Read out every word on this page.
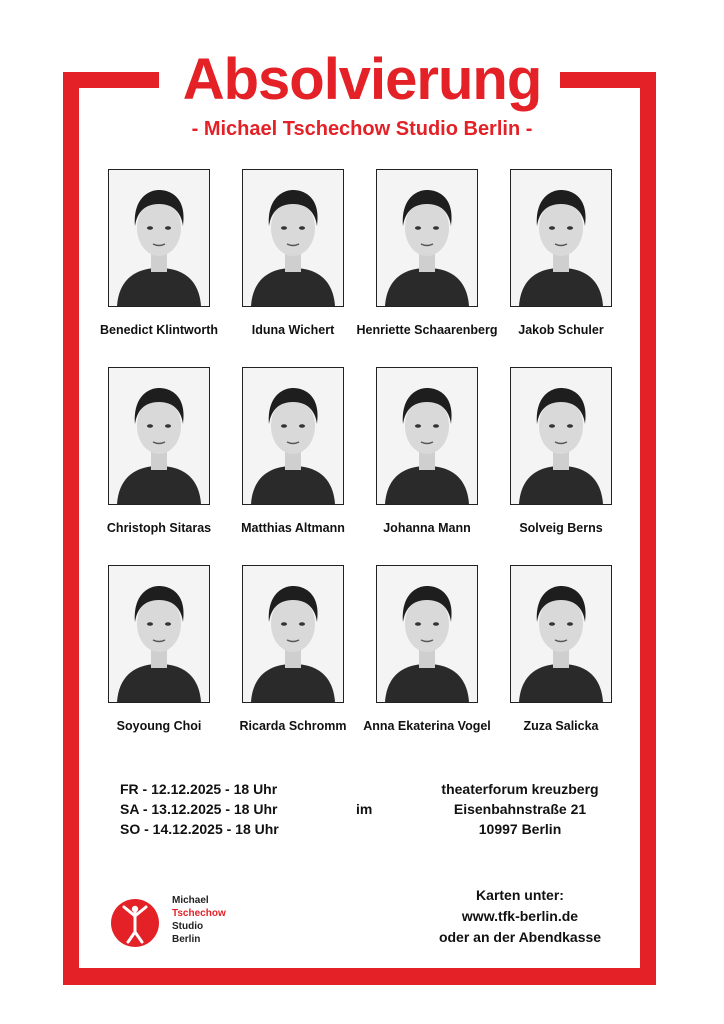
Absolvierung
- Michael Tschechow Studio Berlin -
Benedict Klintworth	Iduna Wichert	Henriette Schaarenberg	Jakob Schuler
Christoph Sitaras	Matthias Altmann	Johanna Mann	Solveig Berns
Soyoung Choi	Ricarda Schromm	Anna Ekaterina Vogel	Zuza Salicka
FR - 12.12.2025 - 18 Uhr
SA - 13.12.2025 - 18 Uhr
SO - 14.12.2025 - 18 Uhr
im
theaterforum kreuzberg
Eisenbahnstraße 21
10997 Berlin
Michael
Tschechow
Studio
Berlin
Karten unter:
www.tfk-berlin.de
oder an der Abendkasse
